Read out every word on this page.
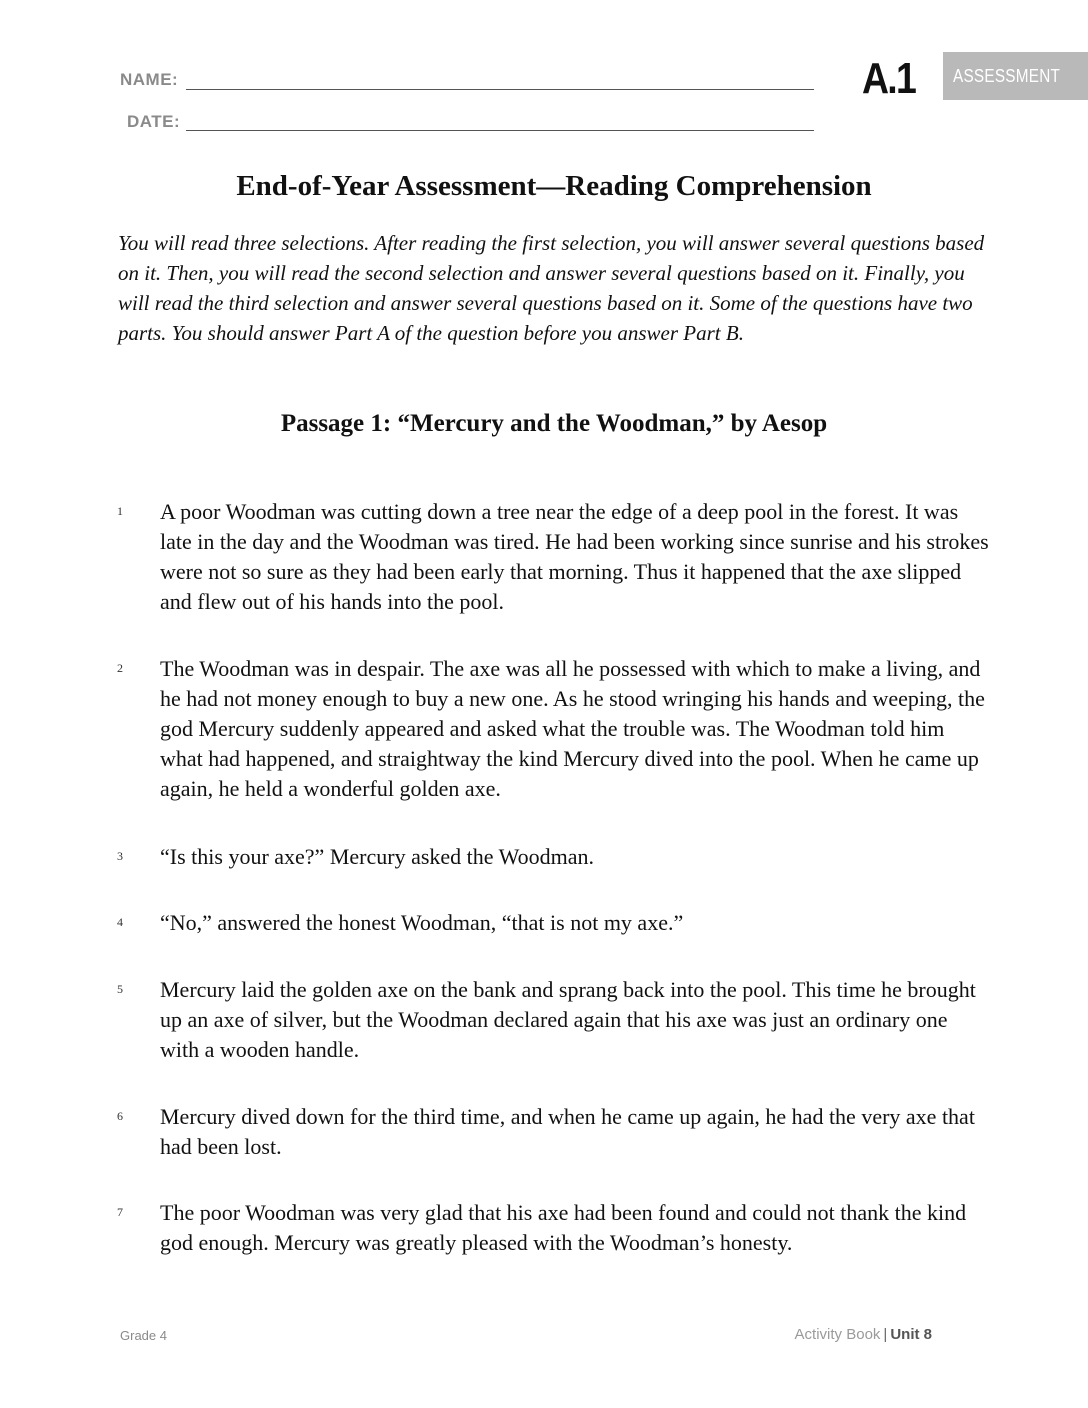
NAME:
DATE:
A.1 ASSESSMENT
End-of-Year Assessment—Reading Comprehension

You will read three selections. After reading the first selection, you will answer several questions based on it. Then, you will read the second selection and answer several questions based on it. Finally, you will read the third selection and answer several questions based on it. Some of the questions have two parts. You should answer Part A of the question before you answer Part B.

Passage 1: “Mercury and the Woodman,” by Aesop
1 A poor Woodman was cutting down a tree near the edge of a deep pool in the forest. It was late in the day and the Woodman was tired. He had been working since sunrise and his strokes were not so sure as they had been early that morning. Thus it happened that the axe slipped and flew out of his hands into the pool.

2 The Woodman was in despair. The axe was all he possessed with which to make a living, and he had not money enough to buy a new one. As he stood wringing his hands and weeping, the god Mercury suddenly appeared and asked what the trouble was. The Woodman told him what had happened, and straightway the kind Mercury dived into the pool. When he came up again, he held a wonderful golden axe.

3 “Is this your axe?” Mercury asked the Woodman.

4 “No,” answered the honest Woodman, “that is not my axe.”

5 Mercury laid the golden axe on the bank and sprang back into the pool. This time he brought up an axe of silver, but the Woodman declared again that his axe was just an ordinary one with a wooden handle.

6 Mercury dived down for the third time, and when he came up again, he had the very axe that had been lost.

7 The poor Woodman was very glad that his axe had been found and could not thank the kind god enough. Mercury was greatly pleased with the Woodman’s honesty.

Grade 4	Activity Book | Unit 8
